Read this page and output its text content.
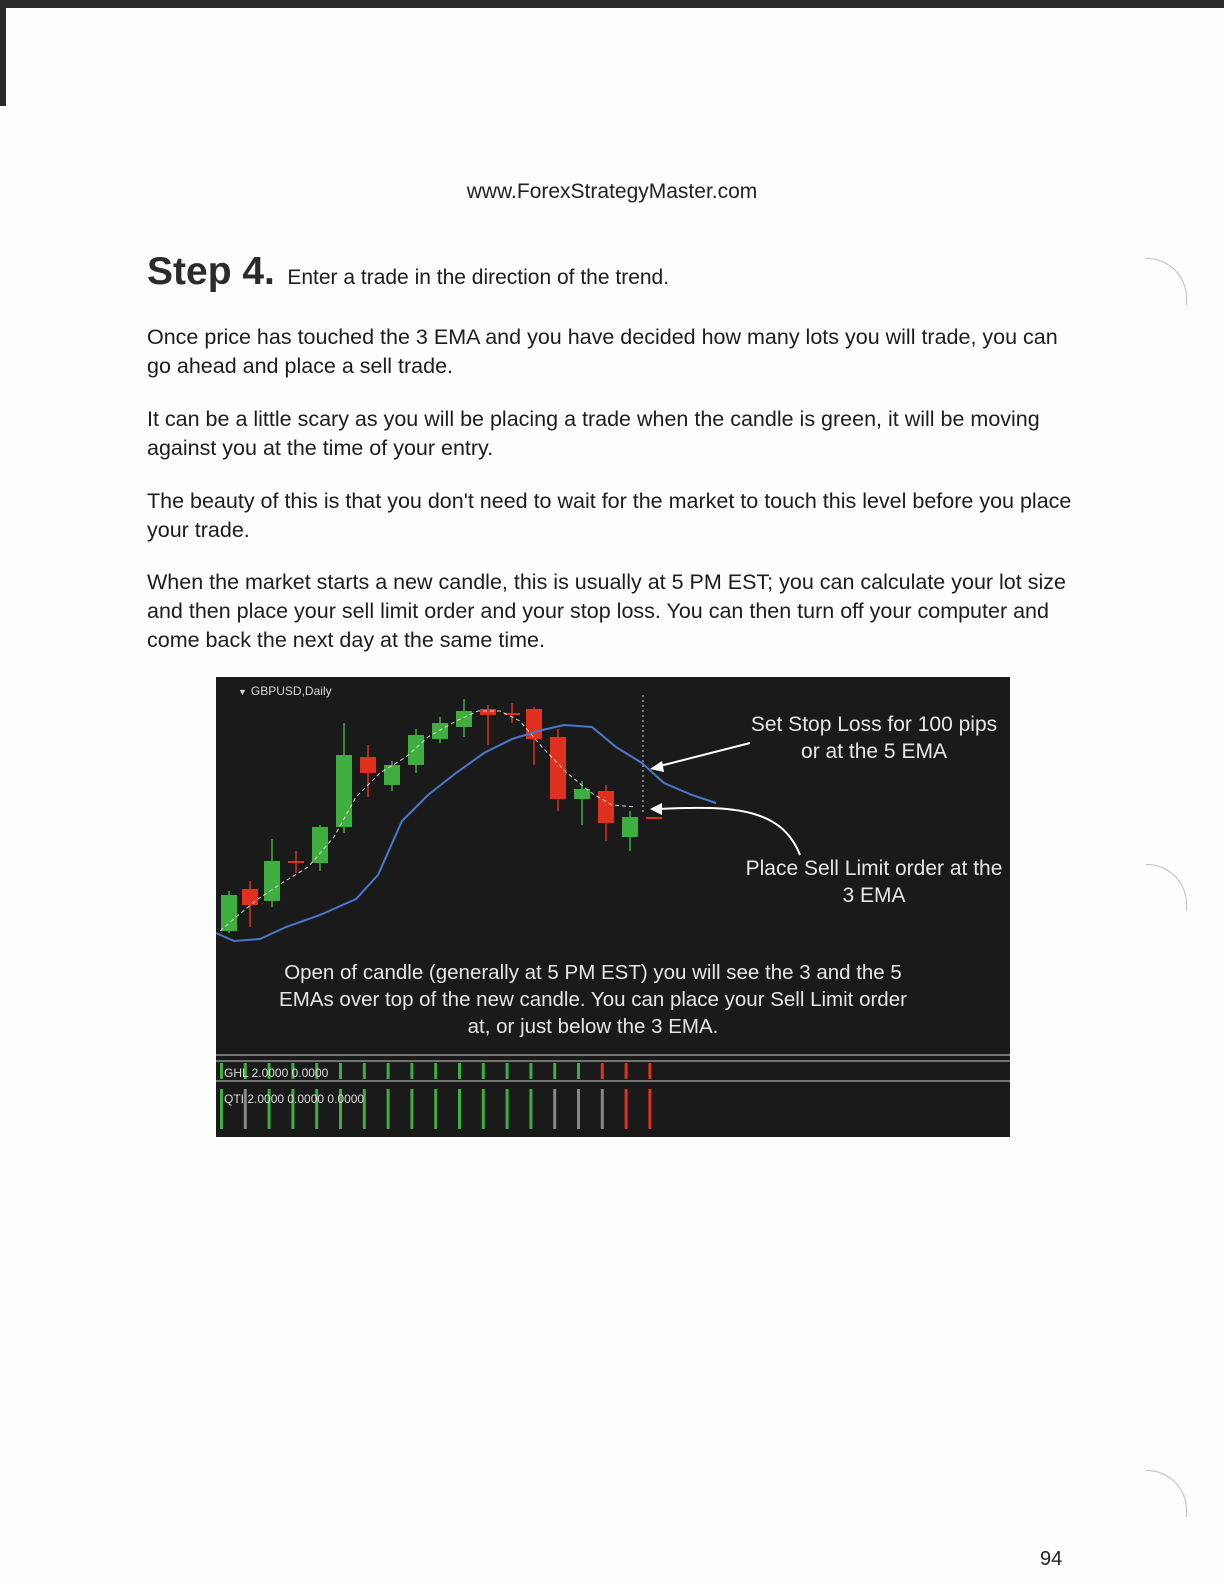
www.ForexStrategyMaster.com
Step 4. Enter a trade in the direction of the trend.

Once price has touched the 3 EMA and you have decided how many lots you will trade, you can go ahead and place a sell trade.

It can be a little scary as you will be placing a trade when the candle is green, it will be moving against you at the time of your entry.

The beauty of this is that you don't need to wait for the market to touch this level before you place your trade.

When the market starts a new candle, this is usually at 5 PM EST; you can calculate your lot size and then place your sell limit order and your stop loss. You can then turn off your computer and come back the next day at the same time.

▼ GBPUSD,Daily
Set Stop Loss for 100 pips or at the 5 EMA
Place Sell Limit order at the 3 EMA
Open of candle (generally at 5 PM EST) you will see the 3 and the 5 EMAs over top of the new candle. You can place your Sell Limit order at, or just below the 3 EMA.
GHL 2.0000 0.0000
QTI 2.0000 0.0000 0.0000
94
